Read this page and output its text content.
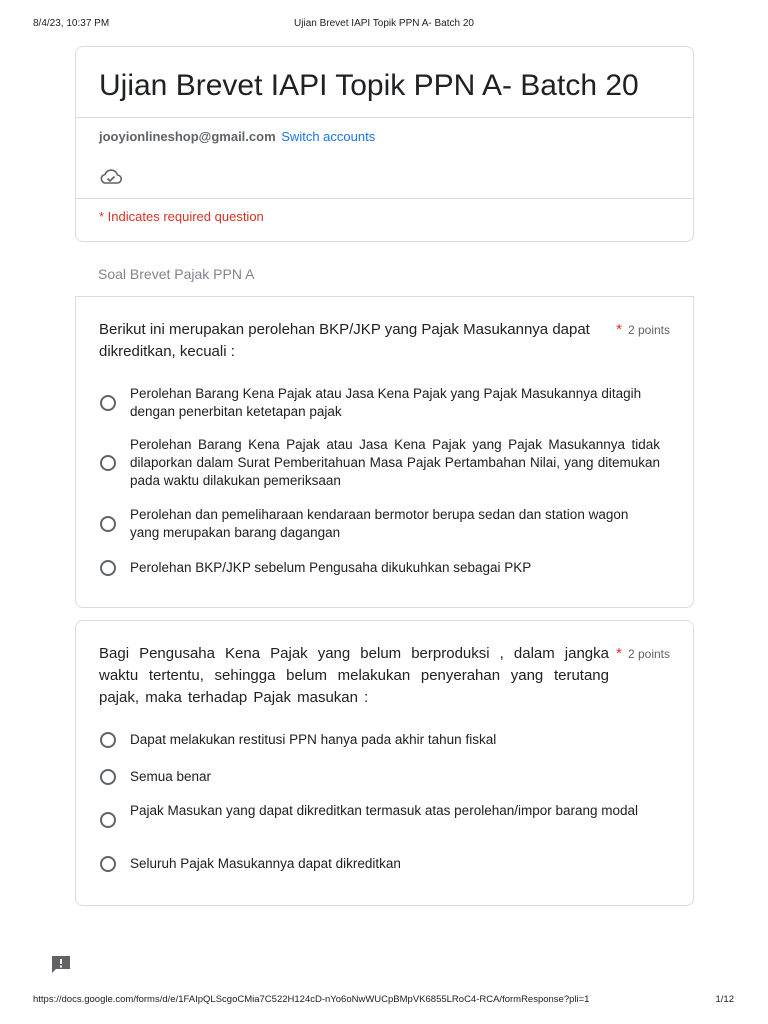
8/4/23, 10:37 PM	Ujian Brevet IAPI Topik PPN A- Batch 20
Ujian Brevet IAPI Topik PPN A- Batch 20
jooyionlineshop@gmail.com Switch accounts
* Indicates required question
Soal Brevet Pajak PPN A
Berikut ini merupakan perolehan BKP/JKP yang Pajak Masukannya dapat dikreditkan, kecuali :
* 2 points
Perolehan Barang Kena Pajak atau Jasa Kena Pajak yang Pajak Masukannya ditagih dengan penerbitan ketetapan pajak
Perolehan Barang Kena Pajak atau Jasa Kena Pajak yang Pajak Masukannya tidak dilaporkan dalam Surat Pemberitahuan Masa Pajak Pertambahan Nilai, yang ditemukan pada waktu dilakukan pemeriksaan
Perolehan dan pemeliharaan kendaraan bermotor berupa sedan dan station wagon yang merupakan barang dagangan
Perolehan BKP/JKP sebelum Pengusaha dikukuhkan sebagai PKP
Bagi Pengusaha Kena Pajak yang belum berproduksi , dalam jangka waktu tertentu, sehingga belum melakukan penyerahan yang terutang pajak, maka terhadap Pajak masukan :
* 2 points
Dapat melakukan restitusi PPN hanya pada akhir tahun fiskal
Semua benar
Pajak Masukan yang dapat dikreditkan termasuk atas perolehan/impor barang modal
Seluruh Pajak Masukannya dapat dikreditkan
https://docs.google.com/forms/d/e/1FAIpQLScgoCMia7C522H124cD-nYo6oNwWUCpBMpVK6855LRoC4-RCA/formResponse?pli=1	1/12
